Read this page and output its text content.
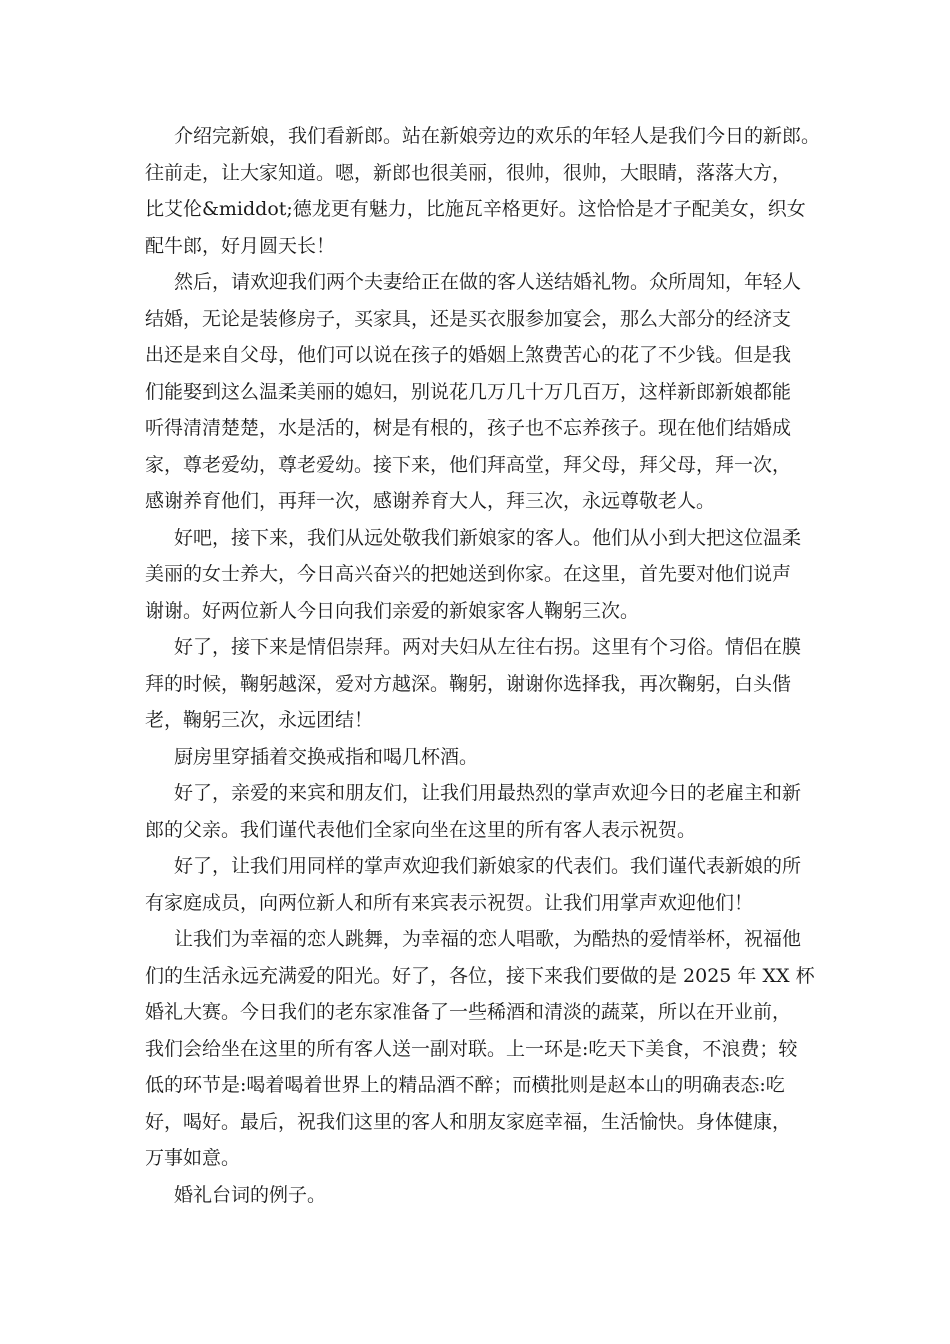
介绍完新娘，我们看新郎。站在新娘旁边的欢乐的年轻人是我们今日的新郎。
往前走，让大家知道。嗯，新郎也很美丽，很帅，很帅，大眼睛，落落大方，
比艾伦&middot;德龙更有魅力，比施瓦辛格更好。这恰恰是才子配美女，织女
配牛郎，好月圆天长！
然后，请欢迎我们两个夫妻给正在做的客人送结婚礼物。众所周知，年轻人
结婚，无论是装修房子，买家具，还是买衣服参加宴会，那么大部分的经济支
出还是来自父母，他们可以说在孩子的婚姻上煞费苦心的花了不少钱。但是我
们能娶到这么温柔美丽的媳妇，别说花几万几十万几百万，这样新郎新娘都能
听得清清楚楚，水是活的，树是有根的，孩子也不忘养孩子。现在他们结婚成
家，尊老爱幼，尊老爱幼。接下来，他们拜高堂，拜父母，拜父母，拜一次，
感谢养育他们，再拜一次，感谢养育大人，拜三次，永远尊敬老人。
好吧，接下来，我们从远处敬我们新娘家的客人。他们从小到大把这位温柔
美丽的女士养大，今日高兴奋兴的把她送到你家。在这里，首先要对他们说声
谢谢。好两位新人今日向我们亲爱的新娘家客人鞠躬三次。
好了，接下来是情侣崇拜。两对夫妇从左往右拐。这里有个习俗。情侣在膜
拜的时候，鞠躬越深，爱对方越深。鞠躬，谢谢你选择我，再次鞠躬，白头偕
老，鞠躬三次，永远团结！
厨房里穿插着交换戒指和喝几杯酒。
好了，亲爱的来宾和朋友们，让我们用最热烈的掌声欢迎今日的老雇主和新
郎的父亲。我们谨代表他们全家向坐在这里的所有客人表示祝贺。
好了，让我们用同样的掌声欢迎我们新娘家的代表们。我们谨代表新娘的所
有家庭成员，向两位新人和所有来宾表示祝贺。让我们用掌声欢迎他们！
让我们为幸福的恋人跳舞，为幸福的恋人唱歌，为酷热的爱情举杯，祝福他
们的生活永远充满爱的阳光。好了，各位，接下来我们要做的是 2025 年 XX 杯
婚礼大赛。今日我们的老东家准备了一些稀酒和清淡的蔬菜，所以在开业前，
我们会给坐在这里的所有客人送一副对联。上一环是:吃天下美食，不浪费；较
低的环节是:喝着喝着世界上的精品酒不醉；而横批则是赵本山的明确表态:吃
好，喝好。最后，祝我们这里的客人和朋友家庭幸福，生活愉快。身体健康，
万事如意。
婚礼台词的例子。
